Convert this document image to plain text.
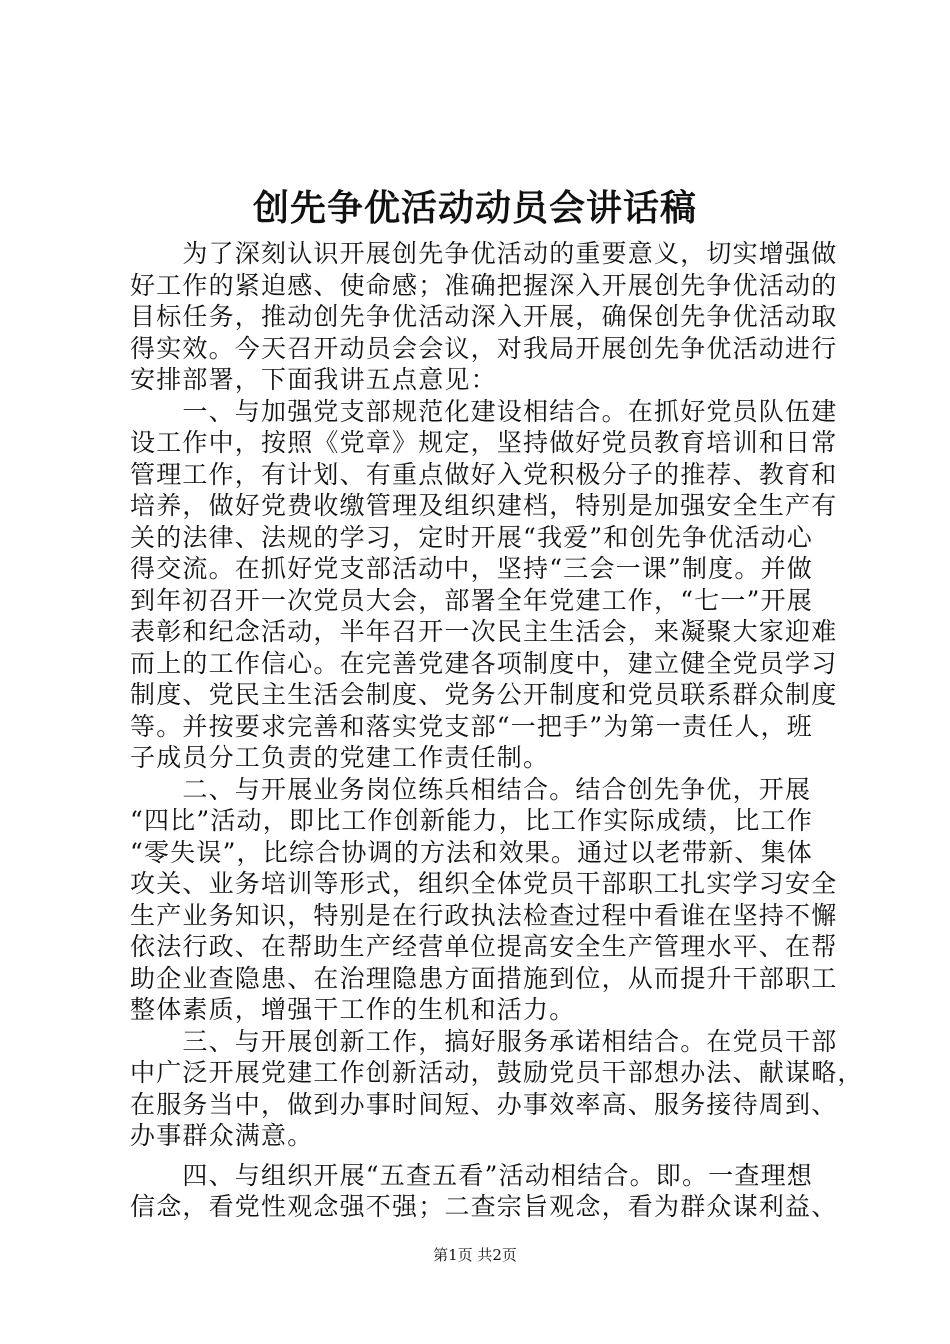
创先争优活动动员会讲话稿
　　为了深刻认识开展创先争优活动的重要意义，切实增强做
好工作的紧迫感、使命感；准确把握深入开展创先争优活动的
目标任务，推动创先争优活动深入开展，确保创先争优活动取
得实效。今天召开动员会会议，对我局开展创先争优活动进行
安排部署，下面我讲五点意见：
　　一、与加强党支部规范化建设相结合。在抓好党员队伍建
设工作中，按照《党章》规定，坚持做好党员教育培训和日常
管理工作，有计划、有重点做好入党积极分子的推荐、教育和
培养，做好党费收缴管理及组织建档，特别是加强安全生产有
关的法律、法规的学习，定时开展“我爱”和创先争优活动心
得交流。在抓好党支部活动中，坚持“三会一课”制度。并做
到年初召开一次党员大会，部署全年党建工作，“七一”开展
表彰和纪念活动，半年召开一次民主生活会，来凝聚大家迎难
而上的工作信心。在完善党建各项制度中，建立健全党员学习
制度、党民主生活会制度、党务公开制度和党员联系群众制度
等。并按要求完善和落实党支部“一把手”为第一责任人，班
子成员分工负责的党建工作责任制。
　　二、与开展业务岗位练兵相结合。结合创先争优，开展
“四比”活动，即比工作创新能力，比工作实际成绩，比工作
“零失误”，比综合协调的方法和效果。通过以老带新、集体
攻关、业务培训等形式，组织全体党员干部职工扎实学习安全
生产业务知识，特别是在行政执法检查过程中看谁在坚持不懈
依法行政、在帮助生产经营单位提高安全生产管理水平、在帮
助企业查隐患、在治理隐患方面措施到位，从而提升干部职工
整体素质，增强干工作的生机和活力。
　　三、与开展创新工作，搞好服务承诺相结合。在党员干部
中广泛开展党建工作创新活动，鼓励党员干部想办法、献谋略，
在服务当中，做到办事时间短、办事效率高、服务接待周到、
办事群众满意。
　　四、与组织开展“五查五看”活动相结合。即。一查理想
信念，看党性观念强不强；二查宗旨观念，看为群众谋利益、
第1页 共2页
